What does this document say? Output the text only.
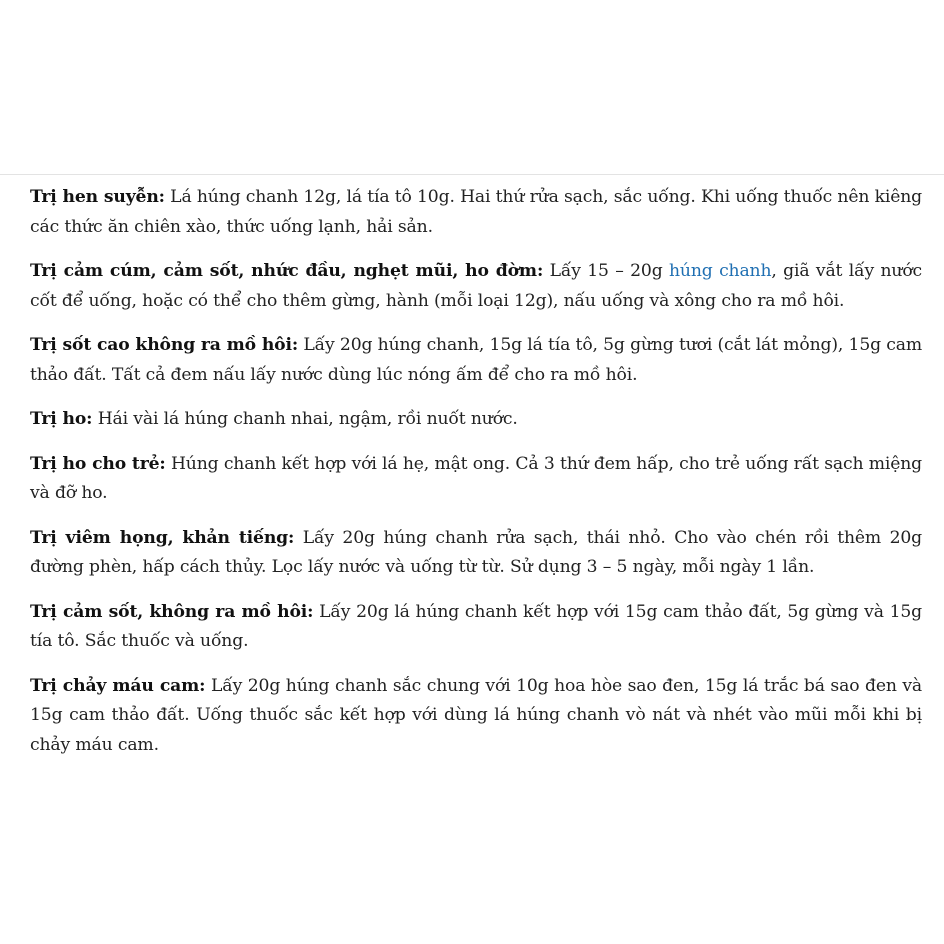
Trị hen suyễn: Lá húng chanh 12g, lá tía tô 10g. Hai thứ rửa sạch, sắc uống. Khi uống thuốc nên kiêng các thức ăn chiên xào, thức uống lạnh, hải sản.

Trị cảm cúm, cảm sốt, nhức đầu, nghẹt mũi, ho đờm: Lấy 15 – 20g húng chanh, giã vắt lấy nước cốt để uống, hoặc có thể cho thêm gừng, hành (mỗi loại 12g), nấu uống và xông cho ra mồ hôi.

Trị sốt cao không ra mồ hôi: Lấy 20g húng chanh, 15g lá tía tô, 5g gừng tươi (cắt lát mỏng), 15g cam thảo đất. Tất cả đem nấu lấy nước dùng lúc nóng ấm để cho ra mồ hôi.

Trị ho: Hái vài lá húng chanh nhai, ngậm, rồi nuốt nước.

Trị ho cho trẻ: Húng chanh kết hợp với lá hẹ, mật ong. Cả 3 thứ đem hấp, cho trẻ uống rất sạch miệng và đỡ ho.

Trị viêm họng, khản tiếng: Lấy 20g húng chanh rửa sạch, thái nhỏ. Cho vào chén rồi thêm 20g đường phèn, hấp cách thủy. Lọc lấy nước và uống từ từ. Sử dụng 3 – 5 ngày, mỗi ngày 1 lần.

Trị cảm sốt, không ra mồ hôi: Lấy 20g lá húng chanh kết hợp với 15g cam thảo đất, 5g gừng và 15g tía tô. Sắc thuốc và uống.

Trị chảy máu cam: Lấy 20g húng chanh sắc chung với 10g hoa hòe sao đen, 15g lá trắc bá sao đen và 15g cam thảo đất. Uống thuốc sắc kết hợp với dùng lá húng chanh vò nát và nhét vào mũi mỗi khi bị chảy máu cam.
